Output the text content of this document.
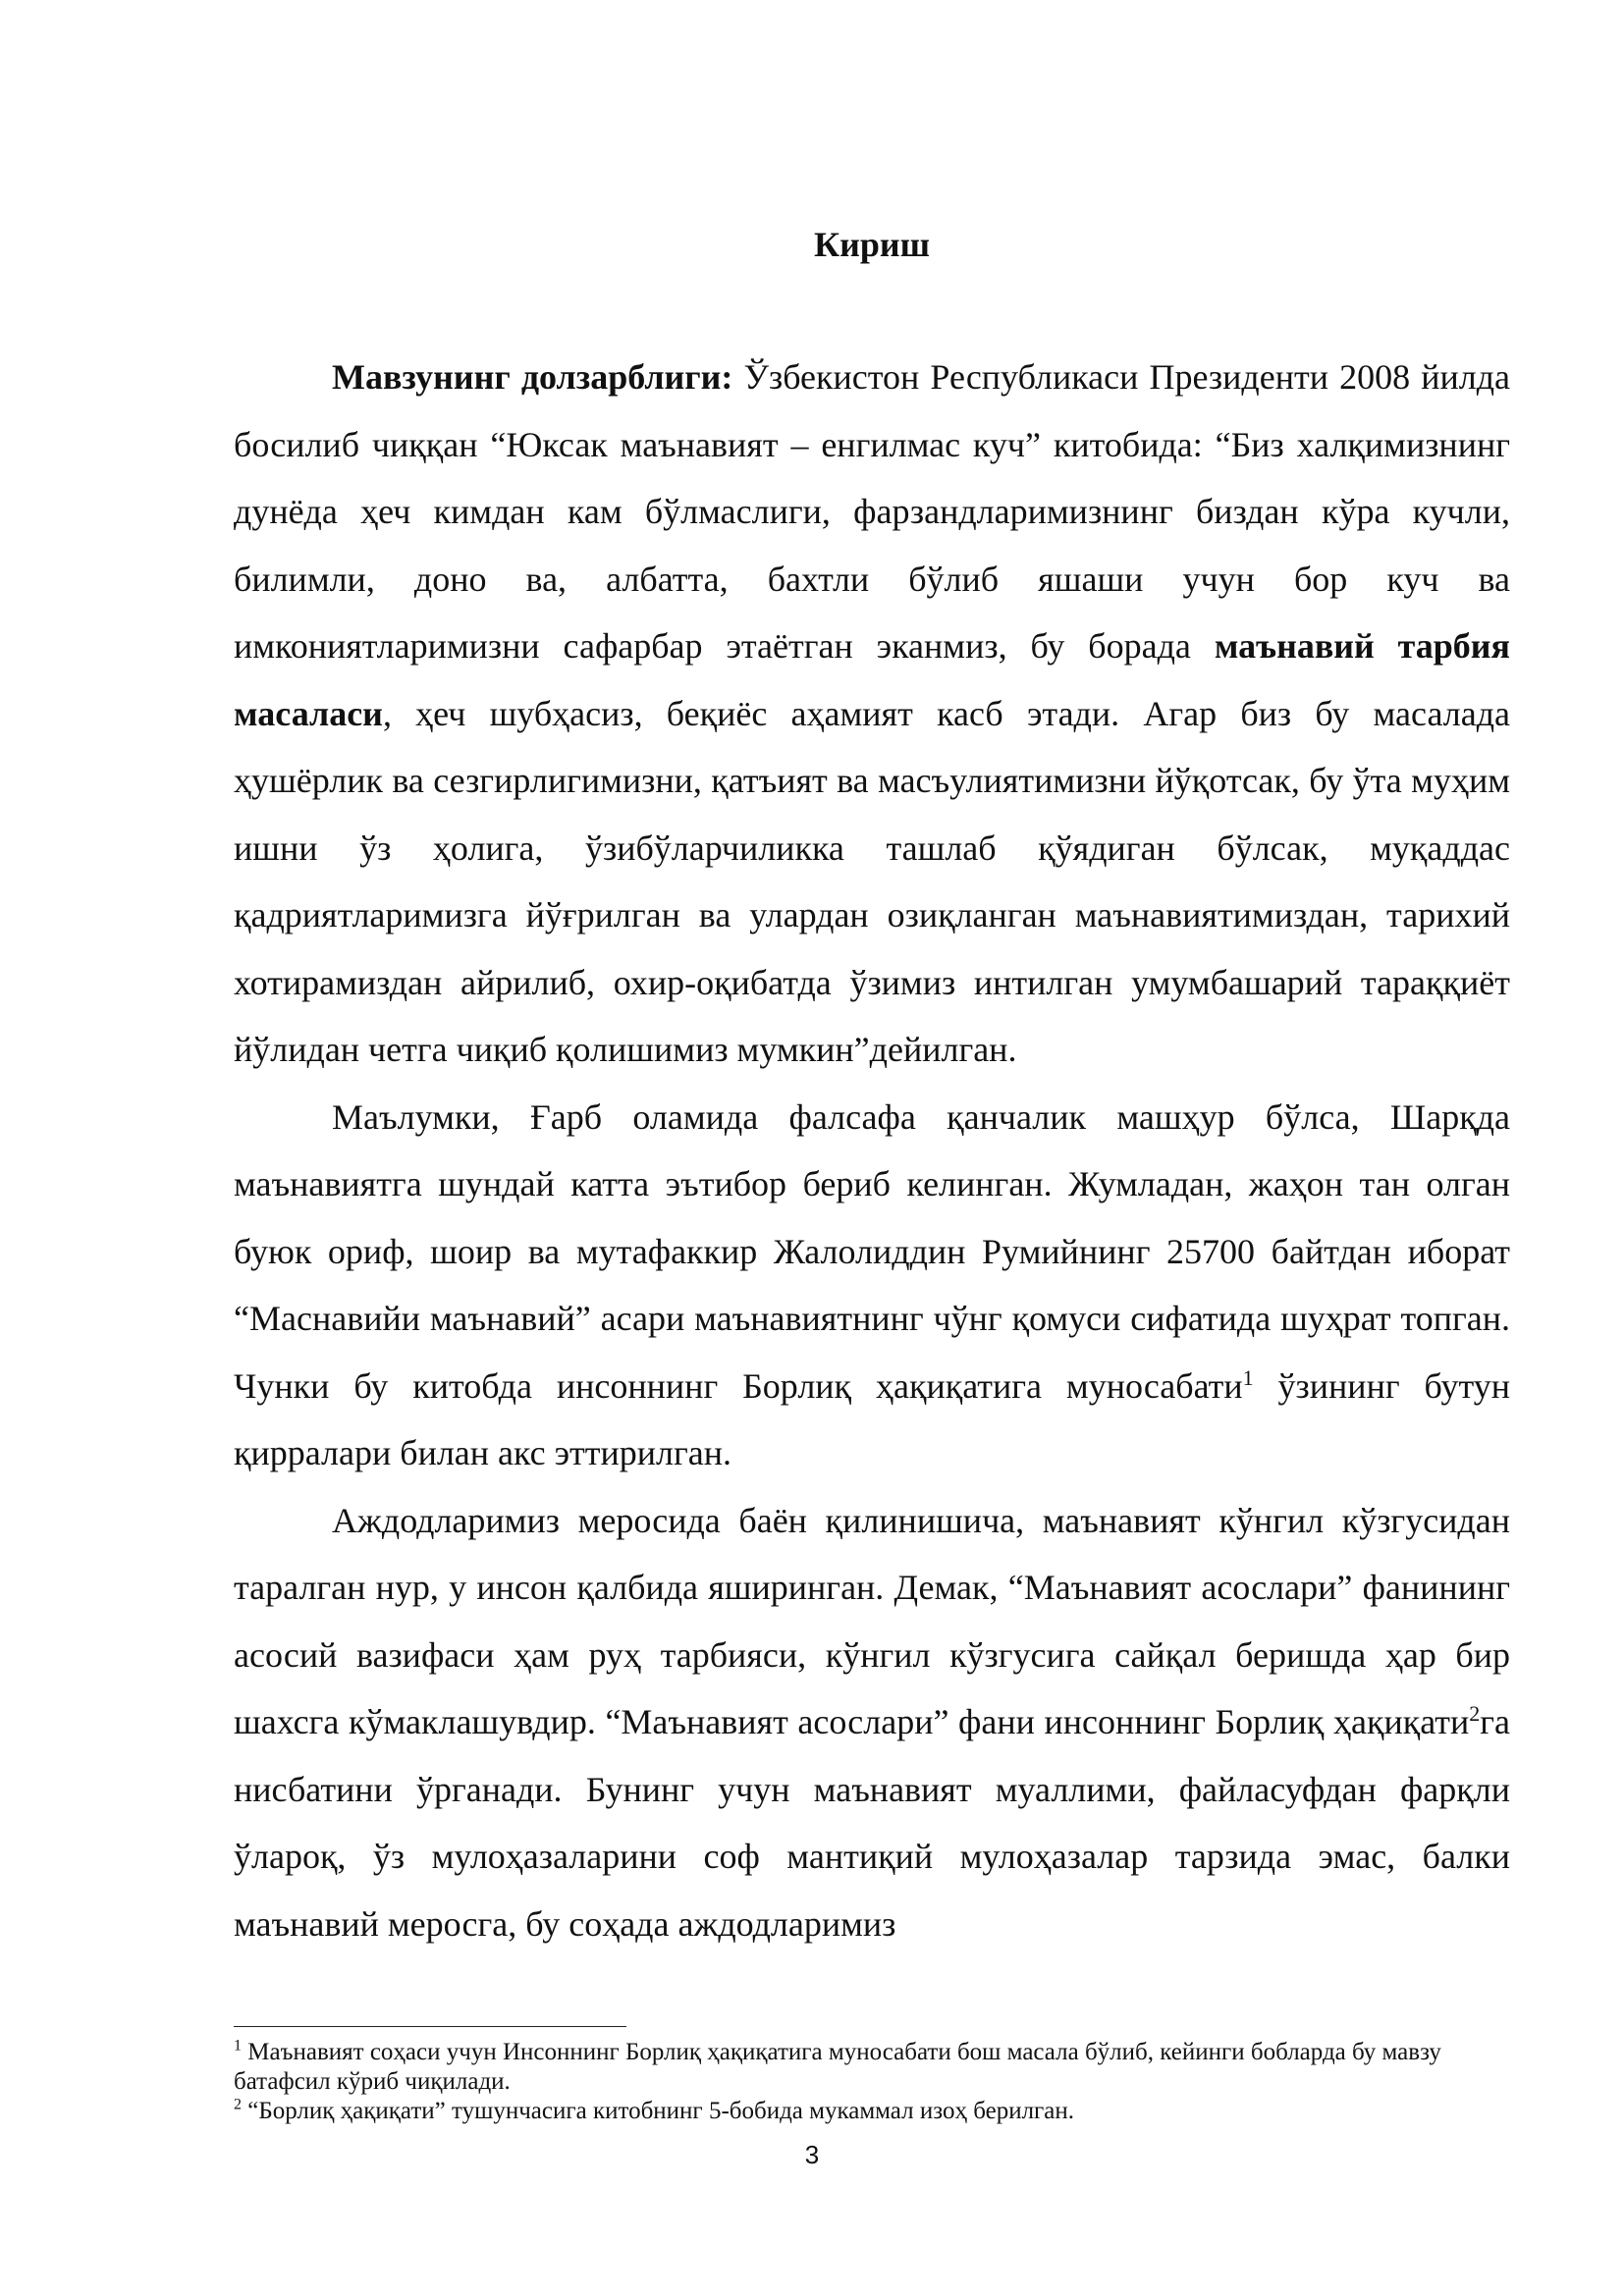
Кириш

Мавзунинг долзарблиги: Ўзбекистон Республикаси Президенти 2008 йилда босилиб чиққан “Юксак маънавият – енгилмас куч” китобида: “Биз халқимизнинг дунёда ҳеч кимдан кам бўлмаслиги, фарзандларимизнинг биздан кўра кучли, билимли, доно ва, албатта, бахтли бўлиб яшаши учун бор куч ва имкониятларимизни сафарбар этаётган эканмиз, бу борада маънавий тарбия масаласи, ҳеч шубҳасиз, беқиёс аҳамият касб этади. Агар биз бу масалада ҳушёрлик ва сезгирлигимизни, қатъият ва масъулиятимизни йўқотсак, бу ўта муҳим ишни ўз ҳолига, ўзибўларчиликка ташлаб қўядиган бўлсак, муқаддас қадриятларимизга йўғрилган ва улардан озиқланган маънавиятимиздан, тарихий хотирамиздан айрилиб, охир-оқибатда ўзимиз интилган умумбашарий тараққиёт йўлидан четга чиқиб қолишимиз мумкин”дейилган.

Маълумки, Ғарб оламида фалсафа қанчалик машҳур бўлса, Шарқда маънавиятга шундай катта эътибор бериб келинган. Жумладан, жаҳон тан олган буюк ориф, шоир ва мутафаккир Жалолиддин Румийнинг 25700 байтдан иборат “Маснавийи маънавий” асари маънавиятнинг чўнг қомуси сифатида шуҳрат топган. Чунки бу китобда инсоннинг Борлиқ ҳақиқатига муносабати$^1$ ўзининг бутун қирралари билан акс эттирилган.

Аждодларимиз меросида баён қилинишича, маънавият кўнгил кўзгусидан таралган нур, у инсон қалбида яширинган. Демак, “Маънавият асослари” фанининг асосий вазифаси ҳам руҳ тарбияси, кўнгил кўзгусига сайқал беришда ҳар бир шахсга кўмаклашувдир. “Маънавият асослари” фани инсоннинг Борлиқ ҳақиқати$^2$га нисбатини ўрганади. Бунинг учун маънавият муаллими, файласуфдан фарқли ўлароқ, ўз мулоҳазаларини соф мантиқий мулоҳазалар тарзида эмас, балки маънавий меросга, бу соҳада аждодларимиз

$^1$ Маънавият соҳаси учун Инсоннинг Борлиқ ҳақиқатига муносабати бош масала бўлиб, кейинги бобларда бу мавзу батафсил кўриб чиқилади.

$^2$ “Борлиқ ҳақиқати” тушунчасига китобнинг 5-бобида мукаммал изоҳ берилган.

3
